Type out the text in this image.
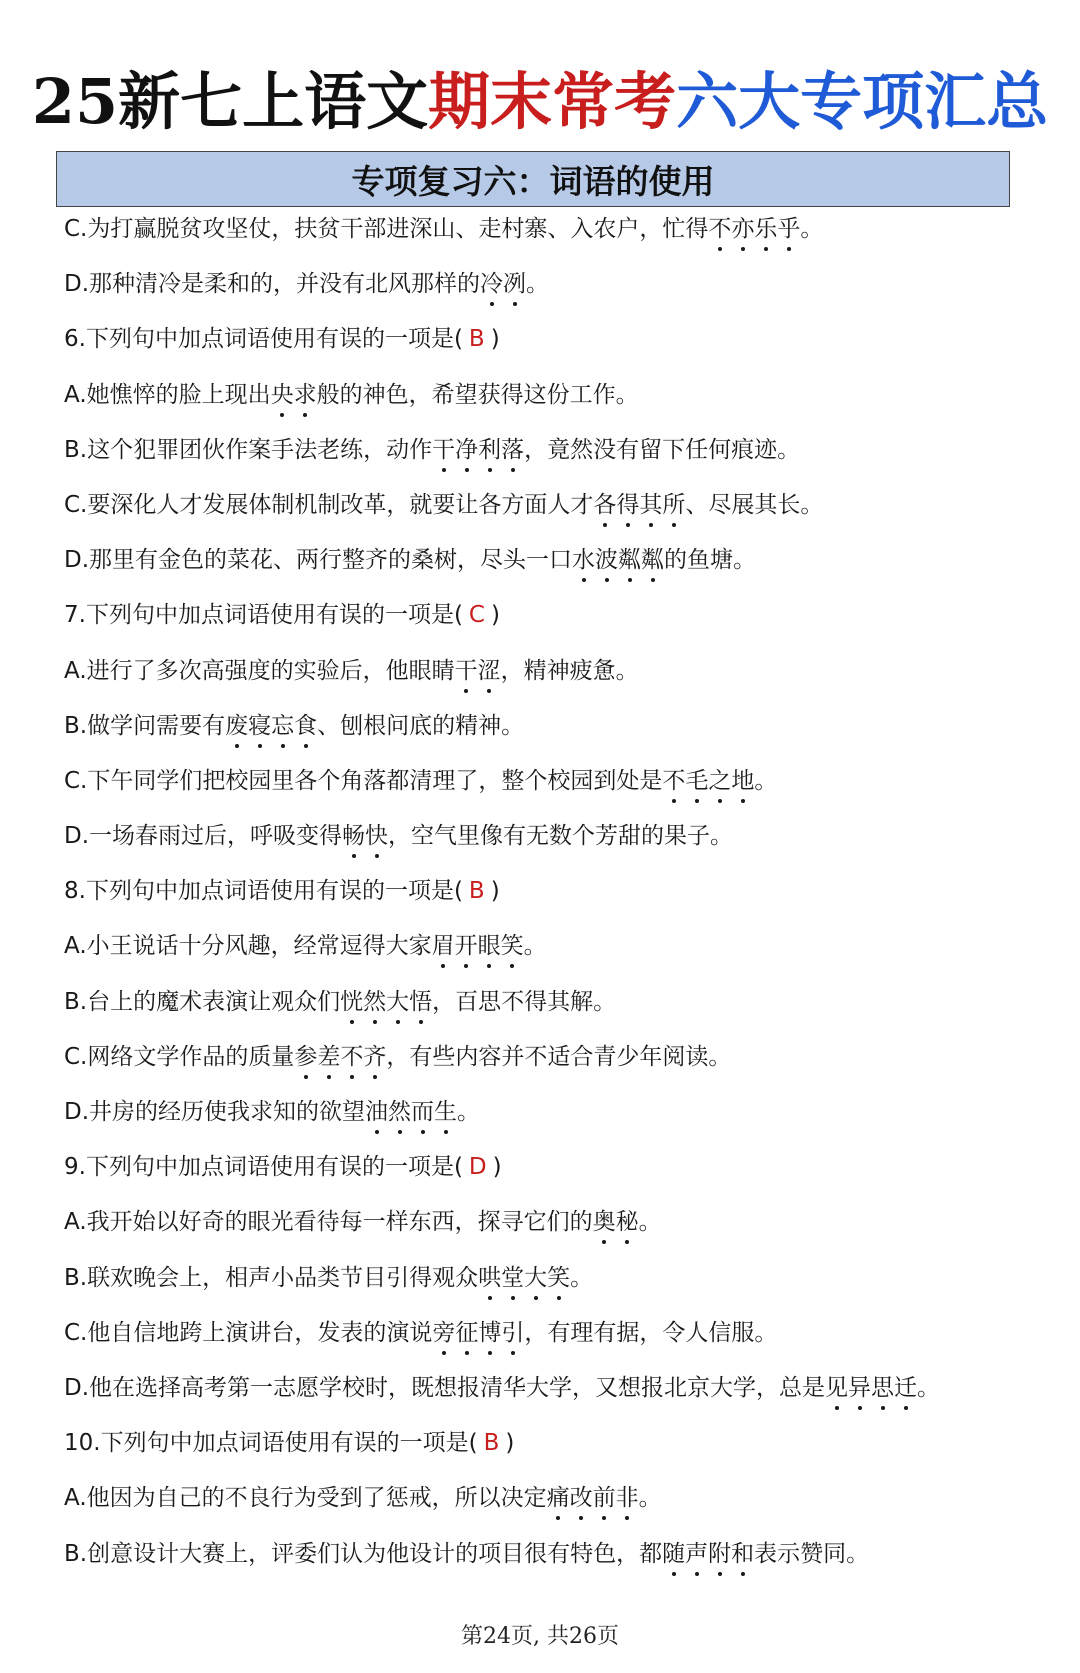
25新七上语文期末常考六大专项汇总
专项复习六：词语的使用
C.为打赢脱贫攻坚仗，扶贫干部进深山、走村寨、入农户，忙得不亦乐乎。
D.那种清冷是柔和的，并没有北风那样的冷冽。
6.下列句中加点词语使用有误的一项是( B )
A.她憔悴的脸上现出央求般的神色，希望获得这份工作。
B.这个犯罪团伙作案手法老练，动作干净利落，竟然没有留下任何痕迹。
C.要深化人才发展体制机制改革，就要让各方面人才各得其所、尽展其长。
D.那里有金色的菜花、两行整齐的桑树，尽头一口水波粼粼的鱼塘。
7.下列句中加点词语使用有误的一项是( C )
A.进行了多次高强度的实验后，他眼睛干涩，精神疲惫。
B.做学问需要有废寝忘食、刨根问底的精神。
C.下午同学们把校园里各个角落都清理了，整个校园到处是不毛之地。
D.一场春雨过后，呼吸变得畅快，空气里像有无数个芳甜的果子。
8.下列句中加点词语使用有误的一项是( B )
A.小王说话十分风趣，经常逗得大家眉开眼笑。
B.台上的魔术表演让观众们恍然大悟，百思不得其解。
C.网络文学作品的质量参差不齐，有些内容并不适合青少年阅读。
D.井房的经历使我求知的欲望油然而生。
9.下列句中加点词语使用有误的一项是( D )
A.我开始以好奇的眼光看待每一样东西，探寻它们的奥秘。
B.联欢晚会上，相声小品类节目引得观众哄堂大笑。
C.他自信地跨上演讲台，发表的演说旁征博引，有理有据，令人信服。
D.他在选择高考第一志愿学校时，既想报清华大学，又想报北京大学，总是见异思迁。
10.下列句中加点词语使用有误的一项是( B )
A.他因为自己的不良行为受到了惩戒，所以决定痛改前非。
B.创意设计大赛上，评委们认为他设计的项目很有特色，都随声附和表示赞同。
第24页, 共26页
